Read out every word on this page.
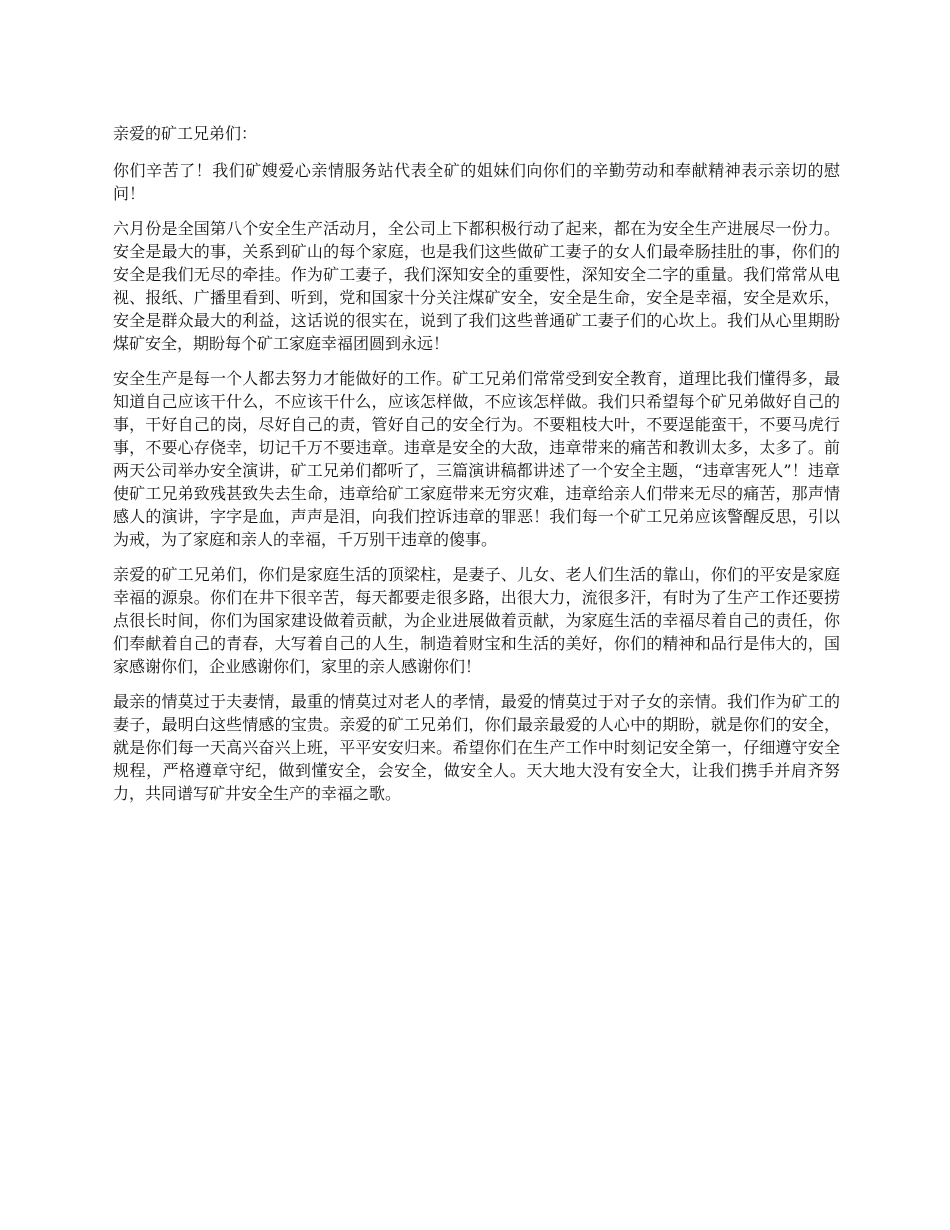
亲爱的矿工兄弟们：

你们辛苦了！我们矿嫂爱心亲情服务站代表全矿的姐妹们向你们的辛勤劳动和奉献精神表示亲切的慰问！

六月份是全国第八个安全生产活动月，全公司上下都积极行动了起来，都在为安全生产进展尽一份力。安全是最大的事，关系到矿山的每个家庭，也是我们这些做矿工妻子的女人们最牵肠挂肚的事，你们的安全是我们无尽的牵挂。作为矿工妻子，我们深知安全的重要性，深知安全二字的重量。我们常常从电视、报纸、广播里看到、听到，党和国家十分关注煤矿安全，安全是生命，安全是幸福，安全是欢乐，安全是群众最大的利益，这话说的很实在，说到了我们这些普通矿工妻子们的心坎上。我们从心里期盼煤矿安全，期盼每个矿工家庭幸福团圆到永远！

安全生产是每一个人都去努力才能做好的工作。矿工兄弟们常常受到安全教育，道理比我们懂得多，最知道自己应该干什么，不应该干什么，应该怎样做，不应该怎样做。我们只希望每个矿兄弟做好自己的事，干好自己的岗，尽好自己的责，管好自己的安全行为。不要粗枝大叶，不要逞能蛮干，不要马虎行事，不要心存侥幸，切记千万不要违章。违章是安全的大敌，违章带来的痛苦和教训太多，太多了。前两天公司举办安全演讲，矿工兄弟们都听了，三篇演讲稿都讲述了一个安全主题，“违章害死人”！违章使矿工兄弟致残甚致失去生命，违章给矿工家庭带来无穷灾难，违章给亲人们带来无尽的痛苦，那声情感人的演讲，字字是血，声声是泪，向我们控诉违章的罪恶！我们每一个矿工兄弟应该警醒反思，引以为戒，为了家庭和亲人的幸福，千万别干违章的傻事。

亲爱的矿工兄弟们，你们是家庭生活的顶梁柱，是妻子、儿女、老人们生活的靠山，你们的平安是家庭幸福的源泉。你们在井下很辛苦，每天都要走很多路，出很大力，流很多汗，有时为了生产工作还要捞点很长时间，你们为国家建设做着贡献，为企业进展做着贡献，为家庭生活的幸福尽着自己的责任，你们奉献着自己的青春，大写着自己的人生，制造着财宝和生活的美好，你们的精神和品行是伟大的，国家感谢你们，企业感谢你们，家里的亲人感谢你们！

最亲的情莫过于夫妻情，最重的情莫过对老人的孝情，最爱的情莫过于对子女的亲情。我们作为矿工的妻子，最明白这些情感的宝贵。亲爱的矿工兄弟们，你们最亲最爱的人心中的期盼，就是你们的安全，就是你们每一天高兴奋兴上班，平平安安归来。希望你们在生产工作中时刻记安全第一，仔细遵守安全规程，严格遵章守纪，做到懂安全，会安全，做安全人。天大地大没有安全大，让我们携手并肩齐努力，共同谱写矿井安全生产的幸福之歌。
